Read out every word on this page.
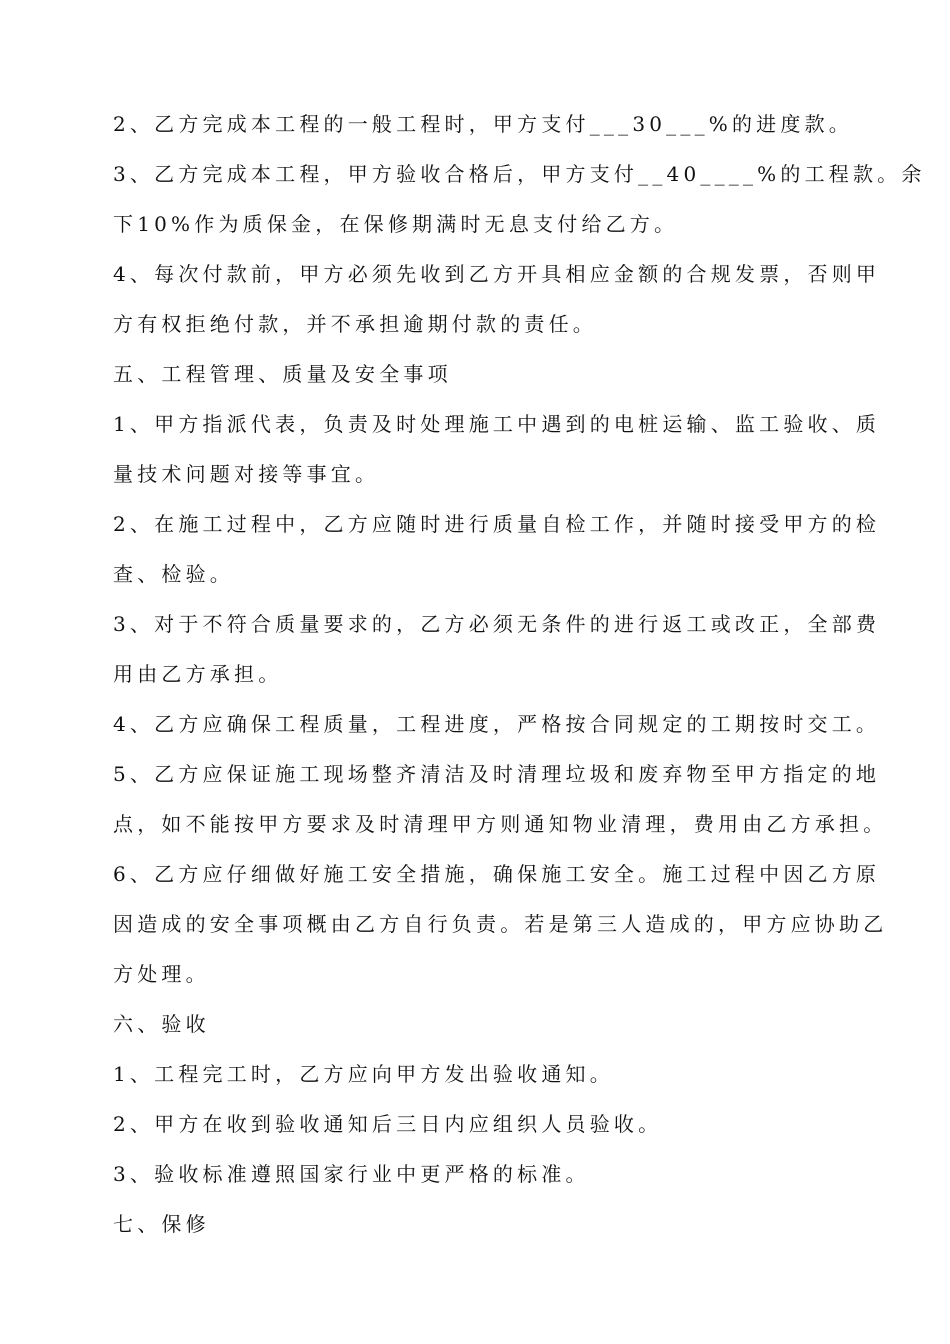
2、乙方完成本工程的一般工程时，甲方支付___30___%的进度款。
3、乙方完成本工程，甲方验收合格后，甲方支付__40____%的工程款。余
下10%作为质保金，在保修期满时无息支付给乙方。
4、每次付款前，甲方必须先收到乙方开具相应金额的合规发票，否则甲
方有权拒绝付款，并不承担逾期付款的责任。
五、工程管理、质量及安全事项
1、甲方指派代表，负责及时处理施工中遇到的电桩运输、监工验收、质
量技术问题对接等事宜。
2、在施工过程中，乙方应随时进行质量自检工作，并随时接受甲方的检
查、检验。
3、对于不符合质量要求的，乙方必须无条件的进行返工或改正，全部费
用由乙方承担。
4、乙方应确保工程质量，工程进度，严格按合同规定的工期按时交工。
5、乙方应保证施工现场整齐清洁及时清理垃圾和废弃物至甲方指定的地
点，如不能按甲方要求及时清理甲方则通知物业清理，费用由乙方承担。
6、乙方应仔细做好施工安全措施，确保施工安全。施工过程中因乙方原
因造成的安全事项概由乙方自行负责。若是第三人造成的，甲方应协助乙
方处理。
六、验收
1、工程完工时，乙方应向甲方发出验收通知。
2、甲方在收到验收通知后三日内应组织人员验收。
3、验收标准遵照国家行业中更严格的标准。
七、保修
